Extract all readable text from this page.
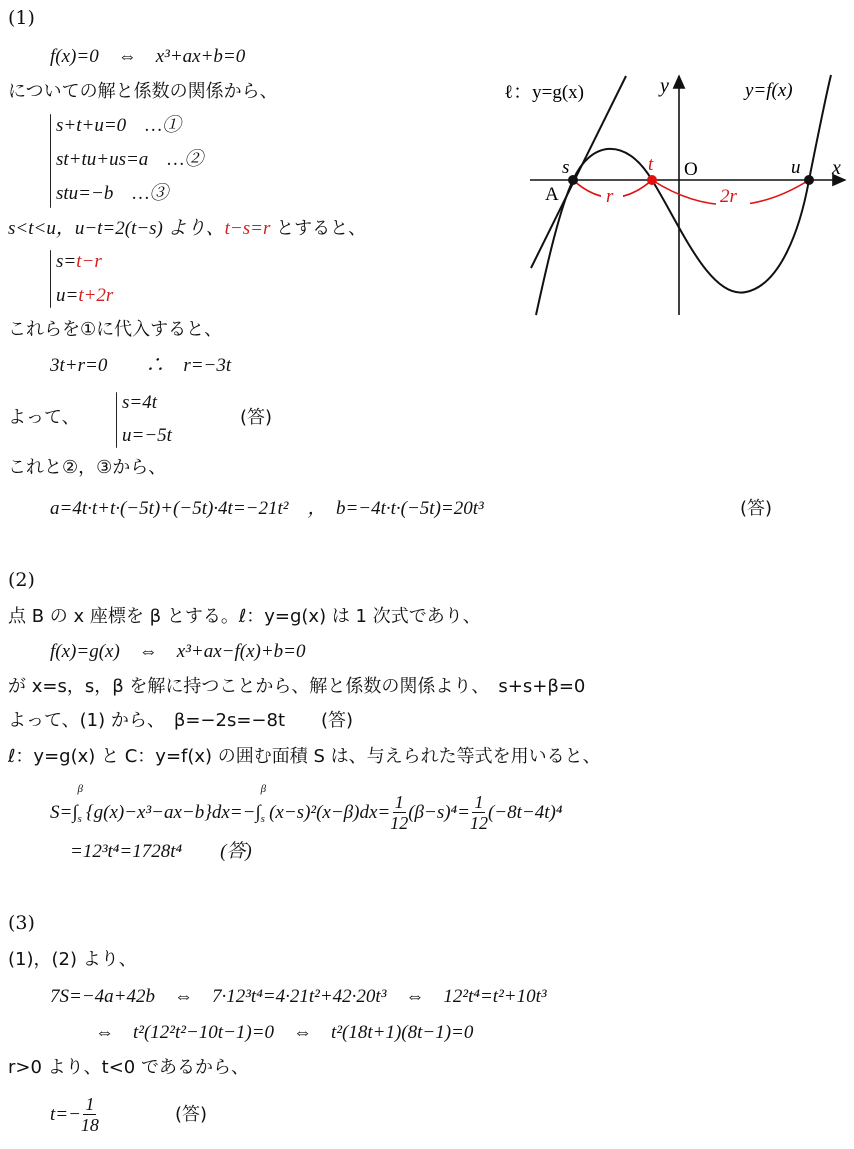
(1)
f(x)=0　⇔　x³+ax+b=0
についての解と係数の関係から、
s+t+u=0　…①
st+tu+us=a　…②
stu=−b　…③
s<t<u，u−t=2(t−s) より、t−s=r とすると、
s=t−r
u=t+2r
これらを①に代入すると、
3t+r=0　　∴　r=−3t
よって、
s=4t
u=−5t
(答)
これと②，③から、
a=4t·t+t·(−5t)+(−5t)·4t=−21t²　，　b=−4t·t·(−5t)=20t³	(答)
ℓ：y=g(x)	y=f(x)
y
x
O
s	t	u
A r	2r
(2)
点 B の x 座標を β とする。ℓ：y=g(x) は 1 次式であり、
f(x)=g(x)　⇔　x³+ax−f(x)+b=0
が x=s，s，β を解に持つことから、解と係数の関係より、　s+s+β=0
よって、(1) から、　β=−2s=−8t　　(答)
ℓ：y=g(x) と C：y=f(x) の囲む面積 S は、与えられた等式を用いると、
S=∫
β
s {g(x)−x³−ax−b}dx=−∫
β
s $(x-s)^2(x-\beta)dx= \frac{1}{12} (\beta-s)^4= \frac{1}{12} (-8t-4t)^4$
=12³t⁴=1728t⁴　　(答)
(3)
(1)，(2) より、
7S=−4a+42b　⇔　7·12³t⁴=4·21t²+42·20t³　⇔　12²t⁴=t²+10t³
⇔　t²(12²t²−10t−1)=0　⇔　t²(18t+1)(8t−1)=0
r>0 より、t<0 であるから、
$t=- \frac{1}{18}$	(答)
